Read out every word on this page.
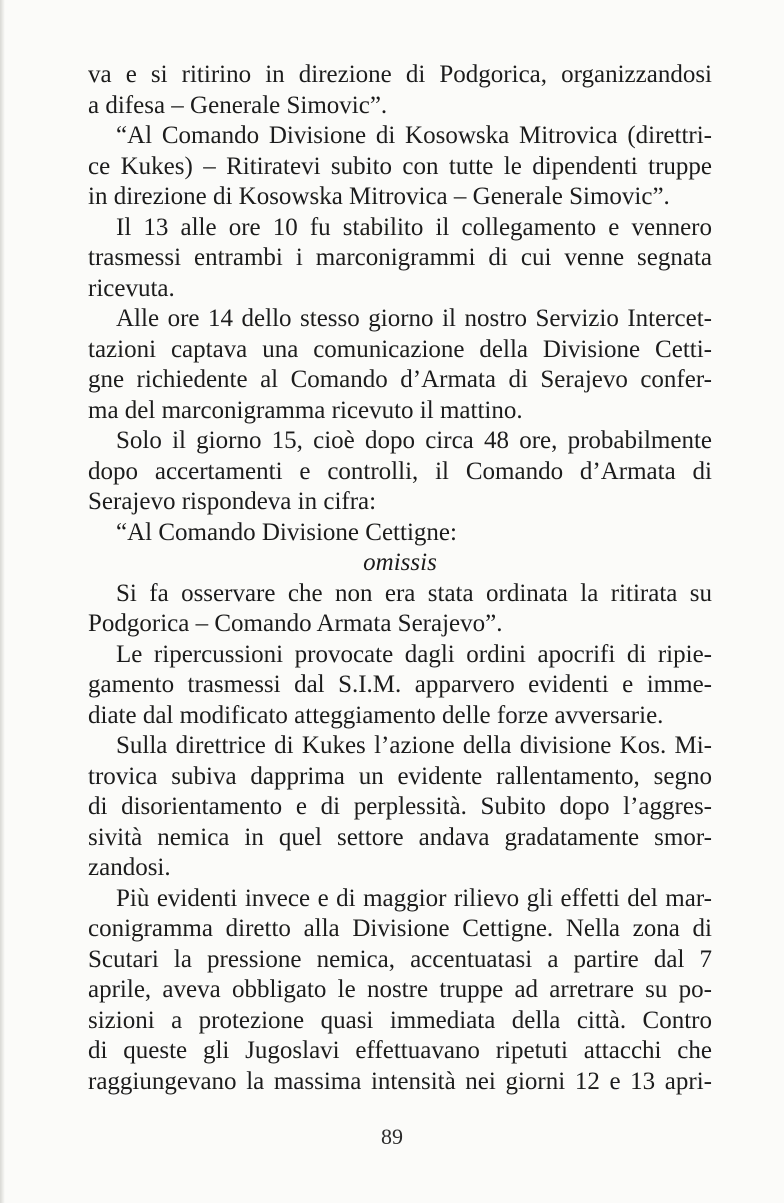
va e si ritirino in direzione di Podgorica, organizzandosi
a difesa – Generale Simovic”.
“Al Comando Divisione di Kosowska Mitrovica (direttri-
ce Kukes) – Ritiratevi subito con tutte le dipendenti truppe
in direzione di Kosowska Mitrovica – Generale Simovic”.
Il 13 alle ore 10 fu stabilito il collegamento e vennero
trasmessi entrambi i marconigrammi di cui venne segnata
ricevuta.
Alle ore 14 dello stesso giorno il nostro Servizio Intercet-
tazioni captava una comunicazione della Divisione Cetti-
gne richiedente al Comando d’Armata di Serajevo confer-
ma del marconigramma ricevuto il mattino.
Solo il giorno 15, cioè dopo circa 48 ore, probabilmente
dopo accertamenti e controlli, il Comando d’Armata di
Serajevo rispondeva in cifra:
“Al Comando Divisione Cettigne:
omissis
Si fa osservare che non era stata ordinata la ritirata su
Podgorica – Comando Armata Serajevo”.
Le ripercussioni provocate dagli ordini apocrifi di ripie-
gamento trasmessi dal S.I.M. apparvero evidenti e imme-
diate dal modificato atteggiamento delle forze avversarie.
Sulla direttrice di Kukes l’azione della divisione Kos. Mi-
trovica subiva dapprima un evidente rallentamento, segno
di disorientamento e di perplessità. Subito dopo l’aggres-
sività nemica in quel settore andava gradatamente smor-
zandosi.
Più evidenti invece e di maggior rilievo gli effetti del mar-
conigramma diretto alla Divisione Cettigne. Nella zona di
Scutari la pressione nemica, accentuatasi a partire dal 7
aprile, aveva obbligato le nostre truppe ad arretrare su po-
sizioni a protezione quasi immediata della città. Contro
di queste gli Jugoslavi effettuavano ripetuti attacchi che
raggiungevano la massima intensità nei giorni 12 e 13 apri-
89
